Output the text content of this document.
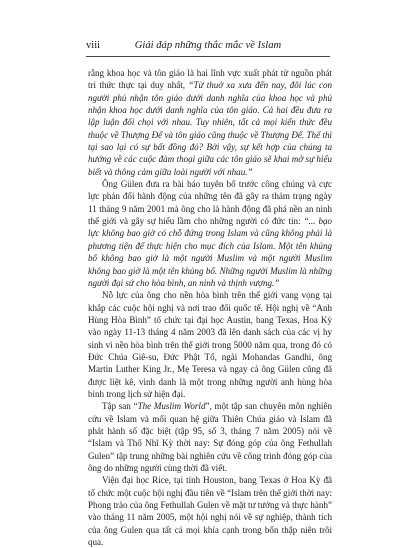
viii	Giải đáp những thắc mắc về Islam

rằng khoa học và tôn giáo là hai lĩnh vực xuất phát từ nguồn phát tri thức thực tại duy nhất, “Từ thuở xa xưa đến nay, đôi lúc con người phủ nhận tôn giáo dưới danh nghĩa của khoa học và phủ nhận khoa học dưới danh nghĩa của tôn giáo. Cả hai đều đưa ra lập luận đối chọi với nhau. Tuy nhiên, tất cả mọi kiến thức đều thuộc về Thượng Đế và tôn giáo cũng thuộc về Thượng Đế. Thế thì tại sao lại có sự bất đồng đó? Bởi vậy, sự kết hợp của chúng ta hướng về các cuộc đàm thoại giữa các tôn giáo sẽ khai mở sự hiểu biết và thông cảm giữa loài người với nhau.”

Ông Gülen đưa ra bài báo tuyên bố trước công chúng và cực lực phản đối hành động của những tên đã gây ra thảm trạng ngày 11 tháng 9 năm 2001 mà ông cho là hành động đã phá nền an ninh thế giới và gây sự hiểu lầm cho những người có đức tin: “... bạo lực không bao giờ có chỗ đứng trong Islam và cũng không phải là phương tiện để thực hiện cho mục đích của Islam. Một tên khủng bố không bao giờ là một người Muslim và một người Muslim không bao giờ là một tên khủng bố. Những người Muslim là những người đại sứ cho hòa bình, an ninh và thịnh vượng.”

Nỗ lực của ông cho nền hòa bình trên thế giới vang vọng tại khắp các cuộc hội nghị và nơi trao đổi quốc tế. Hội nghị về “Anh Hùng Hòa Bình” tổ chức tại đại học Austin, bang Texas, Hoa Kỳ vào ngày 11-13 tháng 4 năm 2003 đã lên danh sách của các vị hy sinh vì nền hòa bình trên thế giới trong 5000 năm qua, trong đó có Đức Chúa Giê-su, Đức Phật Tổ, ngài Mohandas Gandhi, ông Martin Luther King Jr., Mẹ Teresa và ngay cả ông Gülen cũng đã được liệt kê, vinh danh là một trong những người anh hùng hòa bình trong lịch sử hiện đại.

Tập san “The Muslim World”, một tập san chuyên môn nghiên cứu về Islam và mối quan hệ giữa Thiên Chúa giáo và Islam đã phát hành số đặc biệt (tập 95, số 3, tháng 7 năm 2005) nói về “Islam và Thổ Nhĩ Kỳ thời nay: Sự đóng góp của ông Fethullah Gulen” tập trung những bài nghiên cứu về công trình đóng góp của ông do những người cùng thời đã viết.

Viện đại học Rice, tại tỉnh Houston, bang Texas ở Hoa Kỳ đã tổ chức một cuộc hội nghị đầu tiên về “Islam trên thế giới thời nay: Phong trào của ông Fethullah Gulen về mặt tư tưởng và thực hành” vào tháng 11 năm 2005, một hội nghị nói về sự nghiệp, thành tích của ông Gulen qua tất cả mọi khía cạnh trong bốn thập niên trôi qua.
